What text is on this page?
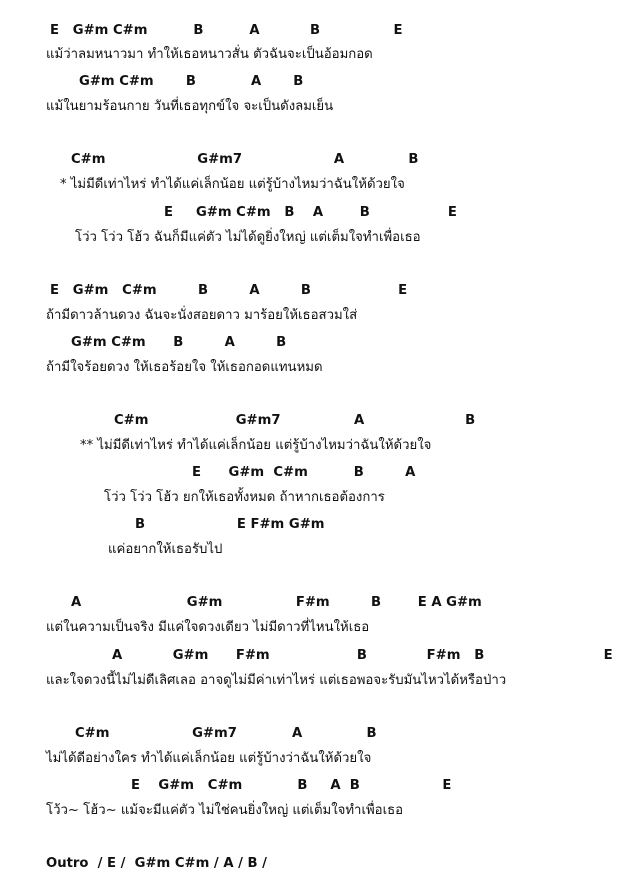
E   G#m C#m          B          A           B                E
แม้ว่าลมหนาวมา ทำให้เธอหนาวสั่น ตัวฉันจะเป็นอ้อมกอด
G#m C#m       B            A       B
แม้ในยามร้อนกาย วันที่เธอทุกข์ใจ จะเป็นดังลมเย็น
C#m                    G#m7                    A              B
* ไม่มีดีเท่าไหร่ ทำได้แค่เล็กน้อย แต่รู้บ้างไหมว่าฉันให้ด้วยใจ
E     G#m C#m   B    A        B                 E
โว่ว โว่ว โฮ้ว ฉันก็มีแค่ตัว ไม่ได้ดูยิ่งใหญ่ แต่เต็มใจทำเพื่อเธอ
E   G#m   C#m         B         A         B                   E
ถ้ามีดาวล้านดวง ฉันจะนั่งสอยดาว มาร้อยให้เธอสวมใส่
G#m C#m      B         A         B
ถ้ามีใจร้อยดวง ให้เธอร้อยใจ ให้เธอกอดแทนหมด
C#m                   G#m7                A                      B
** ไม่มีดีเท่าไหร่ ทำได้แค่เล็กน้อย แต่รู้บ้างไหมว่าฉันให้ด้วยใจ
E      G#m  C#m          B         A
โว่ว โว่ว โฮ้ว ยกให้เธอทั้งหมด ถ้าหากเธอต้องการ
B                    E F#m G#m
แค่อยากให้เธอรับไป
A                       G#m                F#m         B        E A G#m
แต่ในความเป็นจริง มีแค่ใจดวงเดียว ไม่มีดาวที่ไหนให้เธอ
A           G#m      F#m                   B             F#m   B                          E
และใจดวงนี้ไม่ไม่ดีเลิศเลอ อาจดูไม่มีค่าเท่าไหร่ แต่เธอพอจะรับมันไหวได้หรือป่าว
C#m                  G#m7            A              B
ไม่ได้ดีอย่างใคร ทำได้แค่เล็กน้อย แต่รู้บ้างว่าฉันให้ด้วยใจ
E    G#m   C#m            B     A  B                  E
โว้ว~ โฮ้ว~ แม้จะมีแค่ตัว ไม่ใช่คนยิ่งใหญ่ แต่เต็มใจทำเพื่อเธอ
Outro  / E /  G#m C#m / A / B /
